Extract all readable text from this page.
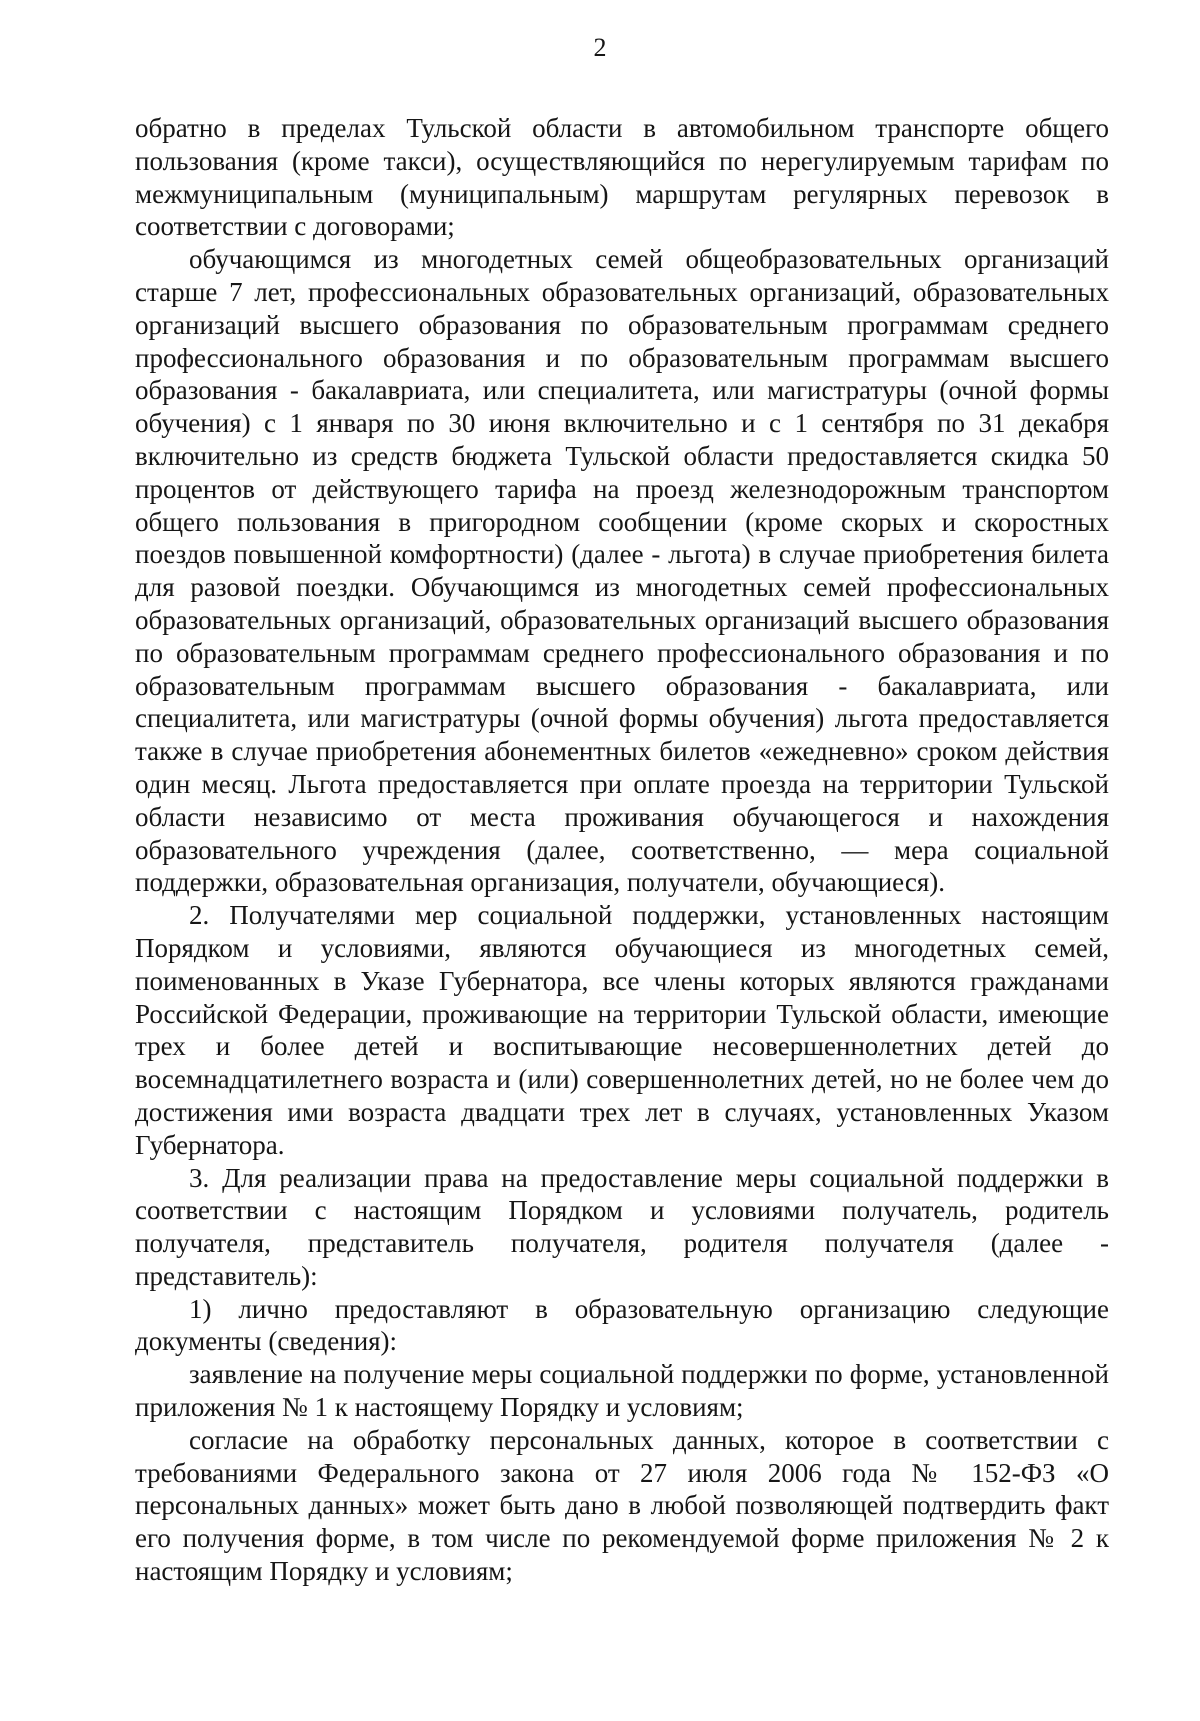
2

обратно в пределах Тульской области в автомобильном транспорте общего пользования (кроме такси), осуществляющийся по нерегулируемым тарифам по межмуниципальным (муниципальным) маршрутам регулярных перевозок в соответствии с договорами;

обучающимся из многодетных семей общеобразовательных организаций старше 7 лет, профессиональных образовательных организаций, образовательных организаций высшего образования по образовательным программам среднего профессионального образования и по образовательным программам высшего образования - бакалавриата, или специалитета, или магистратуры (очной формы обучения) с 1 января по 30 июня включительно и с 1 сентября по 31 декабря включительно из средств бюджета Тульской области предоставляется скидка 50 процентов от действующего тарифа на проезд железнодорожным транспортом общего пользования в пригородном сообщении (кроме скорых и скоростных поездов повышенной комфортности) (далее - льгота) в случае приобретения билета для разовой поездки. Обучающимся из многодетных семей профессиональных образовательных организаций, образовательных организаций высшего образования по образовательным программам среднего профессионального образования и по образовательным программам высшего образования - бакалавриата, или специалитета, или магистратуры (очной формы обучения) льгота предоставляется также в случае приобретения абонементных билетов «ежедневно» сроком действия один месяц. Льгота предоставляется при оплате проезда на территории Тульской области независимо от места проживания обучающегося и нахождения образовательного учреждения (далее, соответственно, — мера социальной поддержки, образовательная организация, получатели, обучающиеся).

2. Получателями мер социальной поддержки, установленных настоящим Порядком и условиями, являются обучающиеся из многодетных семей, поименованных в Указе Губернатора, все члены которых являются гражданами Российской Федерации, проживающие на территории Тульской области, имеющие трех и более детей и воспитывающие несовершеннолетних детей до восемнадцатилетнего возраста и (или) совершеннолетних детей, но не более чем до достижения ими возраста двадцати трех лет в случаях, установленных Указом Губернатора.

3. Для реализации права на предоставление меры социальной поддержки в соответствии с настоящим Порядком и условиями получатель, родитель получателя, представитель получателя, родителя получателя (далее - представитель):

1) лично предоставляют в образовательную организацию следующие документы (сведения):

заявление на получение меры социальной поддержки по форме, установленной приложения № 1 к настоящему Порядку и условиям;

согласие на обработку персональных данных, которое в соответствии с требованиями Федерального закона от 27 июля 2006 года № 152-ФЗ «О персональных данных» может быть дано в любой позволяющей подтвердить факт его получения форме, в том числе по рекомендуемой форме приложения № 2 к настоящим Порядку и условиям;
